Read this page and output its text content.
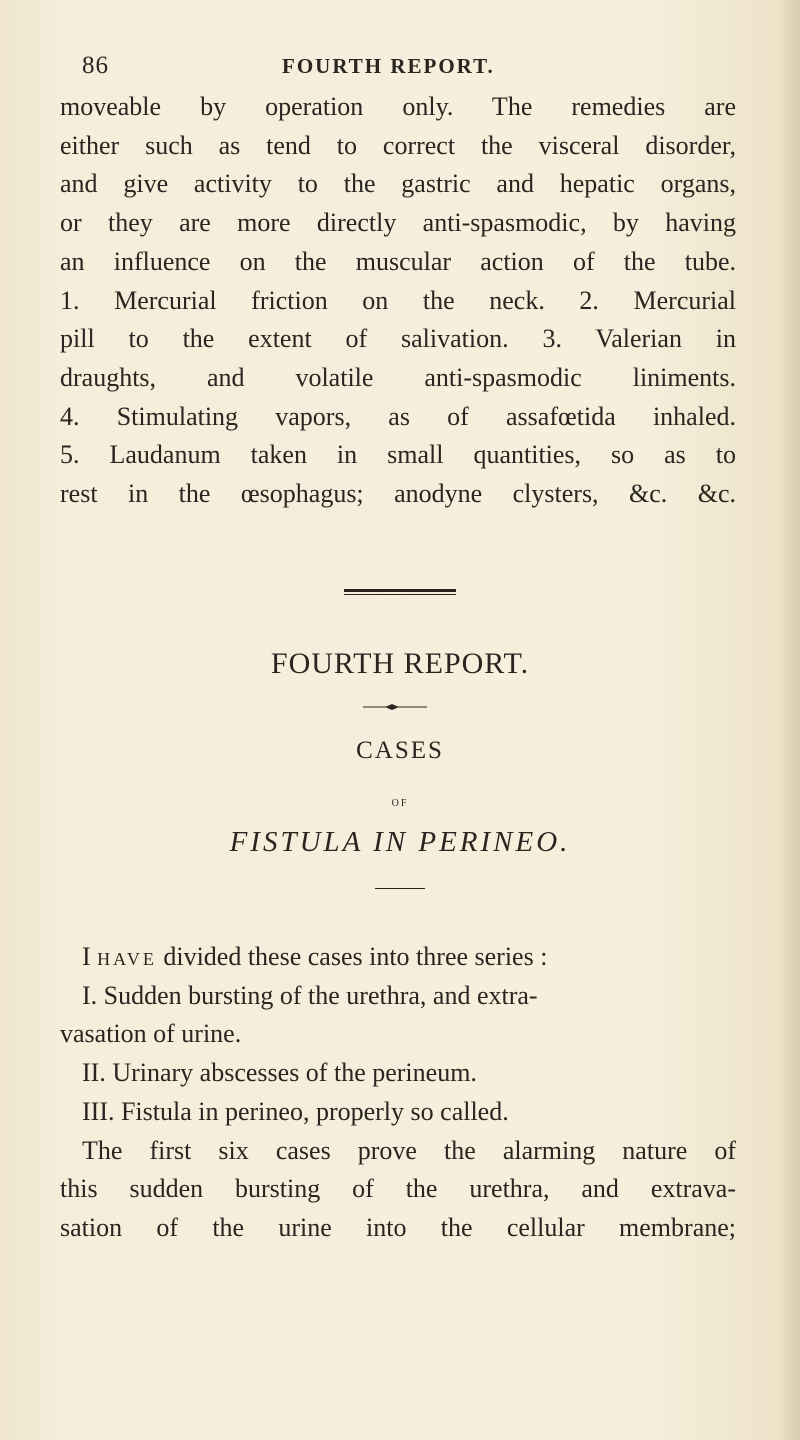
86	FOURTH REPORT.
moveable by operation only. The remedies are
either such as tend to correct the visceral disorder,
and give activity to the gastric and hepatic organs,
or they are more directly anti-spasmodic, by having
an influence on the muscular action of the tube.
1. Mercurial friction on the neck. 2. Mercurial
pill to the extent of salivation. 3. Valerian in
draughts, and volatile anti-spasmodic liniments.
4. Stimulating vapors, as of assafœtida inhaled.
5. Laudanum taken in small quantities, so as to
rest in the œsophagus; anodyne clysters, &c. &c.
FOURTH REPORT.
CASES
OF
FISTULA IN PERINEO.
I have divided these cases into three series :
I. Sudden bursting of the urethra, and extra-
vasation of urine.
II. Urinary abscesses of the perineum.
III. Fistula in perineo, properly so called.
The first six cases prove the alarming nature of
this sudden bursting of the urethra, and extrava-
sation of the urine into the cellular membrane;
